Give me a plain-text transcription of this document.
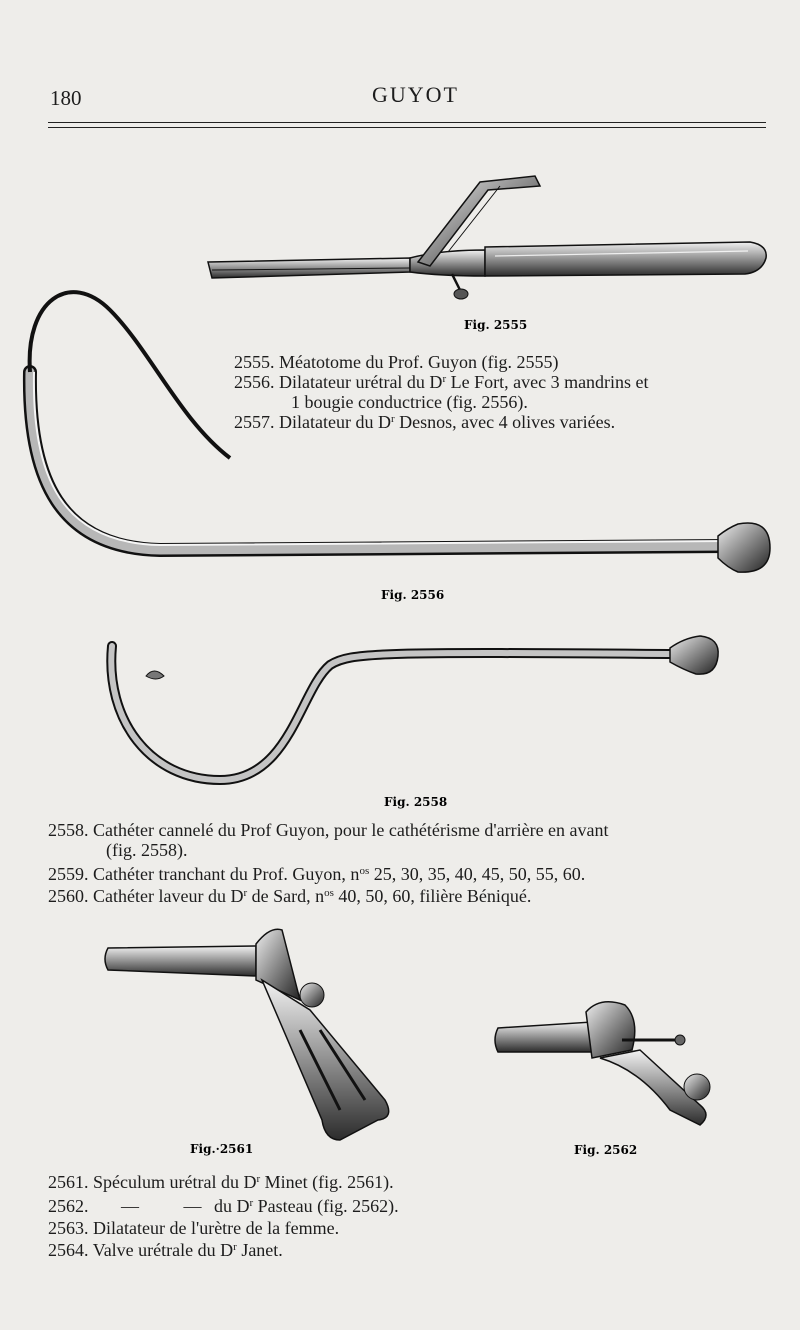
180	GUYOT
Fig. 2555
Fig. 2556
Fig. 2558
Fig.·2561	Fig. 2562
2555. Méatotome du Prof. Guyon (fig. 2555)
2556. Dilatateur urétral du $D^r$ Le Fort, avec 3 mandrins et
1 bougie conductrice (fig. 2556).
2557. Dilatateur du $D^r$ Desnos, avec 4 olives variées.
2558. Cathéter cannelé du Prof Guyon, pour le cathétérisme d'arrière en avant
(fig. 2558).
2559. Cathéter tranchant du Prof. Guyon, $n^{os}$ 25, 30, 35, 40, 45, 50, 55, 60.
2560. Cathéter laveur du $D^r$ de Sard, $n^{os}$ 40, 50, 60, filière Béniqué.
2561. Spéculum urétral du $D^r$ Minet (fig. 2561).
2562. — — du $D^r$ Pasteau (fig. 2562).
2563. Dilatateur de l'urètre de la femme.
2564. Valve urétrale du $D^r$ Janet.
